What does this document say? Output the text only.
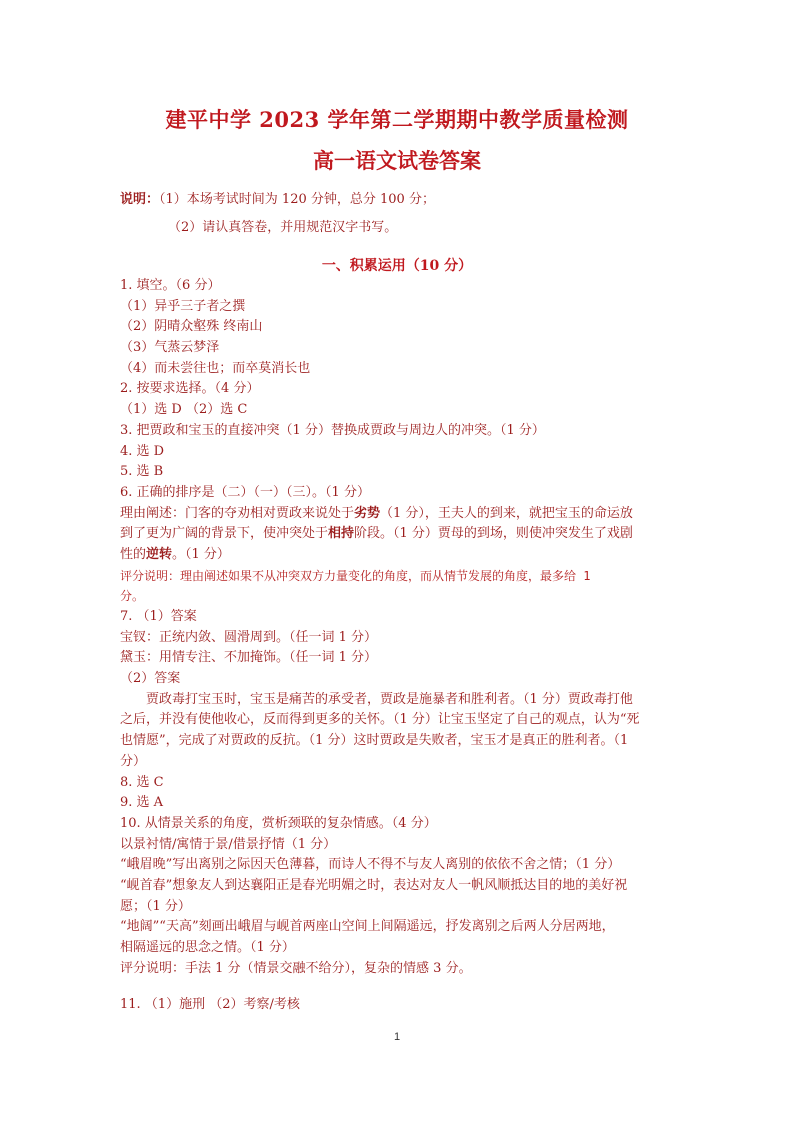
建平中学 2023 学年第二学期期中教学质量检测
高一语文试卷答案
说明：（1）本场考试时间为 120 分钟，总分 100 分；
（2）请认真答卷，并用规范汉字书写。
一、积累运用（10 分）
1. 填空。（6 分）
（1）异乎三子者之撰
（2）阴晴众壑殊 终南山
（3）气蒸云梦泽
（4）而未尝往也；而卒莫消长也
2. 按要求选择。（4 分）
（1）选 D （2）选 C
3. 把贾政和宝玉的直接冲突（1 分）替换成贾政与周边人的冲突。（1 分）
4. 选 D
5. 选 B
6. 正确的排序是（二）（一）（三）。（1 分）
理由阐述：门客的夺劝相对贾政来说处于劣势（1 分），王夫人的到来，就把宝玉的命运放
到了更为广阔的背景下，使冲突处于相持阶段。（1 分）贾母的到场，则使冲突发生了戏剧
性的逆转。（1 分）
评分说明：理由阐述如果不从冲突双方力量变化的角度，而从情节发展的角度，最多给 1
分。
7. （1）答案
宝钗：正统内敛、圆滑周到。（任一词 1 分）
黛玉：用情专注、不加掩饰。（任一词 1 分）
（2）答案
贾政毒打宝玉时，宝玉是痛苦的承受者，贾政是施暴者和胜利者。（1 分）贾政毒打他
之后，并没有使他收心，反而得到更多的关怀。（1 分）让宝玉坚定了自己的观点，认为“死
也情愿”，完成了对贾政的反抗。（1 分）这时贾政是失败者，宝玉才是真正的胜利者。（1
分）
8. 选 C
9. 选 A
10. 从情景关系的角度，赏析颈联的复杂情感。（4 分）
以景衬情/寓情于景/借景抒情（1 分）
“峨眉晚”写出离别之际因天色薄暮，而诗人不得不与友人离别的依依不舍之情；（1 分）
“岘首春”想象友人到达襄阳正是春光明媚之时，表达对友人一帆风顺抵达目的地的美好祝
愿；（1 分）
“地阔”“天高”刻画出峨眉与岘首两座山空间上间隔遥远，抒发离别之后两人分居两地，
相隔遥远的思念之情。（1 分）
评分说明：手法 1 分（情景交融不给分），复杂的情感 3 分。
11. （1）施刑 （2）考察/考核
1
